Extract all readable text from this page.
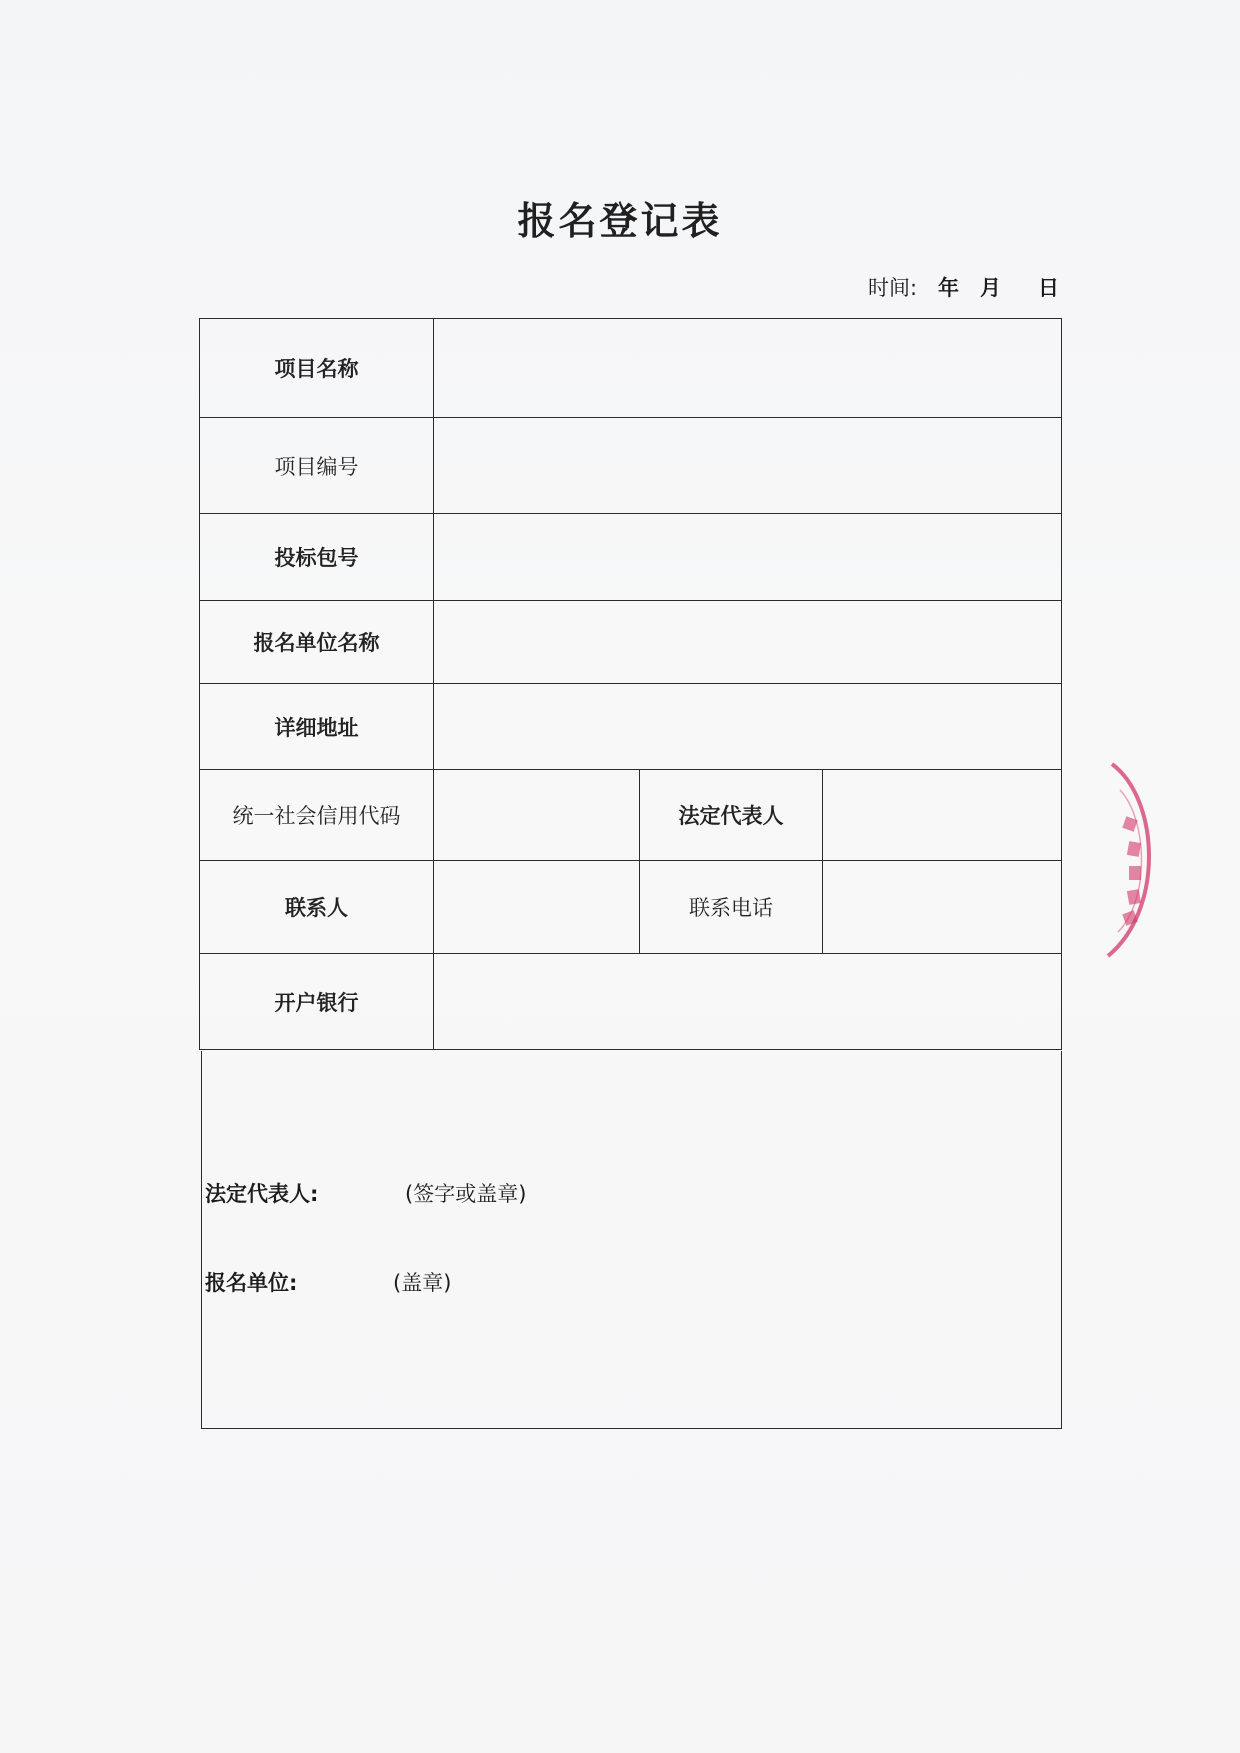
报名登记表
时间: 年 月 日
项目名称			
项目编号			
投标包号			
报名单位名称			
详细地址			
统一社会信用代码		法定代表人	
联系人		联系电话	
开户银行			
法定代表人:	(签字或盖章)
报名单位:	(盖章)
